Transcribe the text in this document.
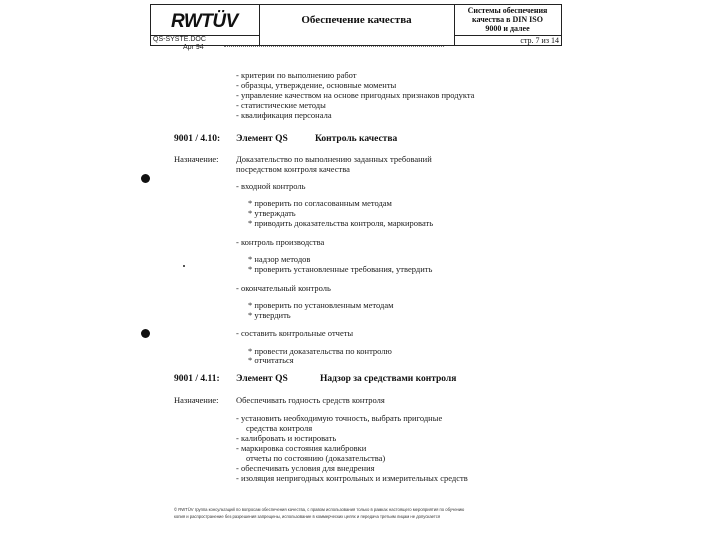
RWTÜV
QS-SYSTE.DOC
Apr 94
Обеспечение качества
Системы обеспечения
качества в DIN ISO
9000 и далее
стр. 7 из 14
- критерии по выполнению работ
- образцы, утверждение, основные моменты
- управление качеством на основе пригодных признаков продукта
- статистические методы
- квалификация персонала
9001 / 4.10: Элемент QS	Контроль качества
Назначение: Доказательство по выполнению заданных требований
посредством контроля качества
- входной контроль
* проверить по согласованным методам
* утверждать
* приводить доказательства контроля, маркировать
- контроль производства
* надзор методов
* проверить установленные требования, утвердить
- окончательный контроль
* проверить по установленным методам
* утвердить
- составить контрольные отчеты
* провести доказательства по контролю
* отчитаться
9001 / 4.11: Элемент QS	Надзор за средствами контроля
Назначение: Обеспечивать годность средств контроля
- установить необходимую точность, выбрать пригодные
средства контроля
- калибровать и юстировать
- маркировка состояния калибровки
отчеты по состоянию (доказательства)
- обеспечивать условия для внедрения
- изоляция непригодных контрольных и измерительных средств
© RWTÜV группа консультаций по вопросам обеспечения качества, с правом использования только в рамках настоящего мероприятия по обучению
копия и распространение без разрешения запрещены, использование в коммерческих целях и передача третьим лицам не допускается
